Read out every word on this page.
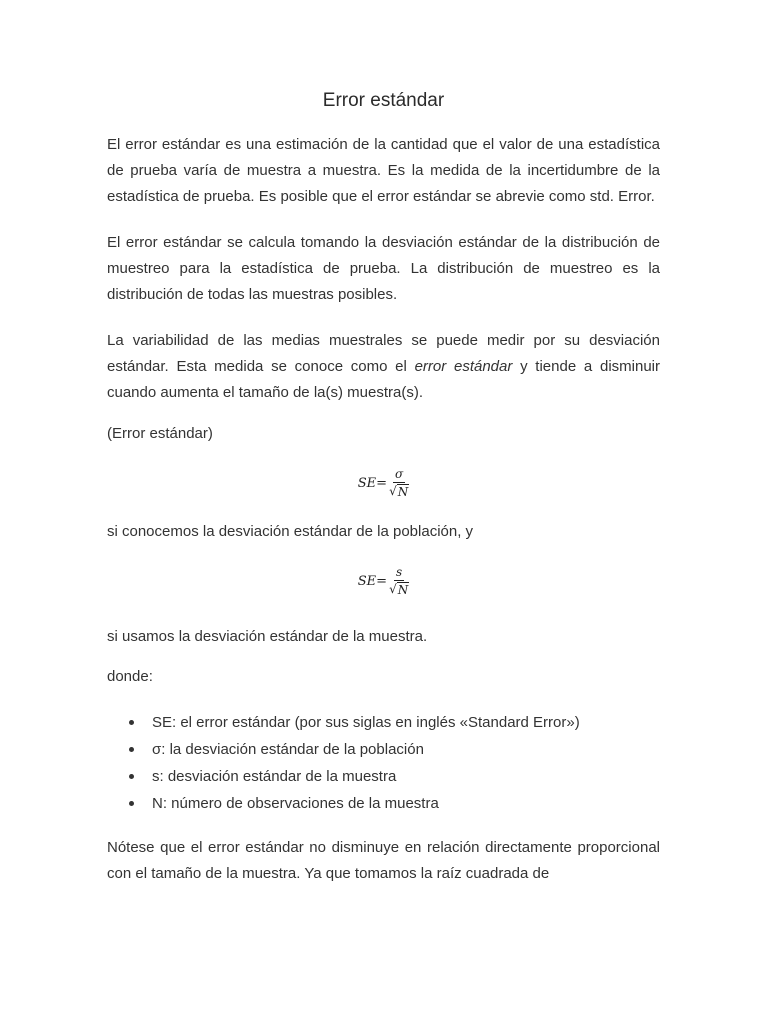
Error estándar

El error estándar es una estimación de la cantidad que el valor de una estadística de prueba varía de muestra a muestra. Es la medida de la incertidumbre de la estadística de prueba. Es posible que el error estándar se abrevie como std. Error.

El error estándar se calcula tomando la desviación estándar de la distribución de muestreo para la estadística de prueba. La distribución de muestreo es la distribución de todas las muestras posibles.

La variabilidad de las medias muestrales se puede medir por su desviación estándar. Esta medida se conoce como el error estándar y tiende a disminuir cuando aumenta el tamaño de la(s) muestra(s).

(Error estándar)

$SE= \frac{\sigma}{√ N}$

si conocemos la desviación estándar de la población, y

$SE= \frac{s}{√ N}$

si usamos la desviación estándar de la muestra.

donde:

SE: el error estándar (por sus siglas en inglés «Standard Error»)
σ: la desviación estándar de la población
s: desviación estándar de la muestra
N: número de observaciones de la muestra

Nótese que el error estándar no disminuye en relación directamente proporcional con el tamaño de la muestra. Ya que tomamos la raíz cuadrada de
